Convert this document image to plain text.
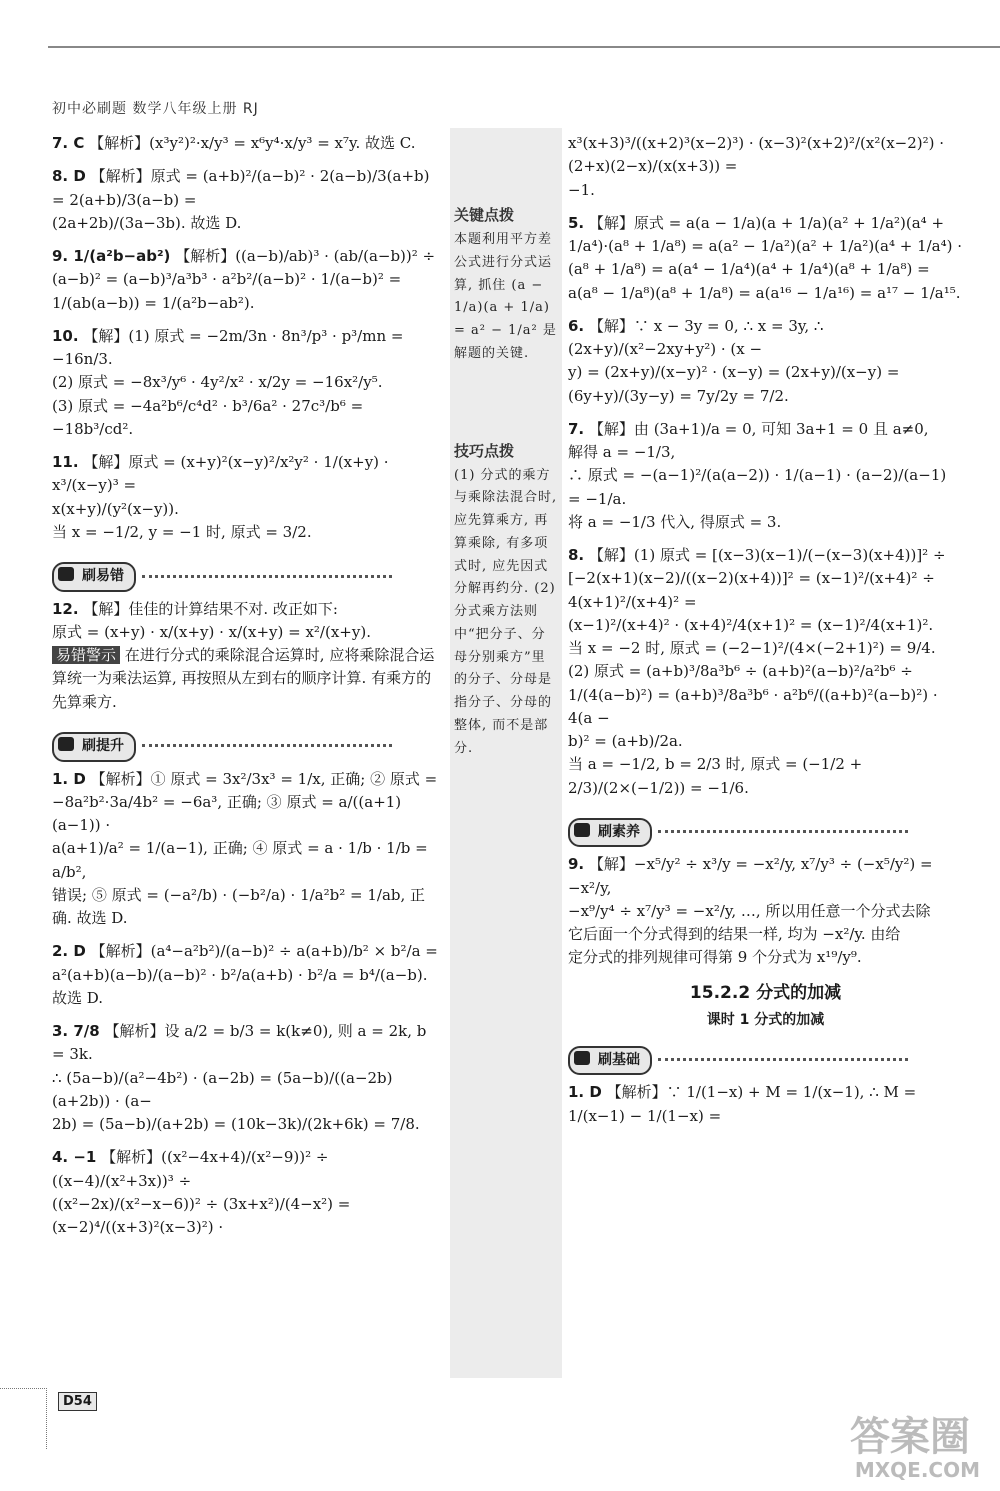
初中必刷题 数学八年级上册 RJ
7. C 【解析】(x³y²)²·x/y³ = x⁶y⁴·x/y³ = x⁷y. 故选 C.
8. D 【解析】原式 = (a+b)²/(a−b)² · 2(a−b)/3(a+b) = 2(a+b)/3(a−b) =
(2a+2b)/(3a−3b). 故选 D.
9. 1/(a²b−ab²) 【解析】((a−b)/ab)³ · (ab/(a−b))² ÷
(a−b)² = (a−b)³/a³b³ · a²b²/(a−b)² · 1/(a−b)² =
1/(ab(a−b)) = 1/(a²b−ab²).
10. 【解】(1) 原式 = −2m/3n · 8n³/p³ · p³/mn = −16n/3.
(2) 原式 = −8x³/y⁶ · 4y²/x² · x/2y = −16x²/y⁵.
(3) 原式 = −4a²b⁶/c⁴d² · b³/6a² · 27c³/b⁶ = −18b³/cd².
11. 【解】原式 = (x+y)²(x−y)²/x²y² · 1/(x+y) · x³/(x−y)³ =
x(x+y)/(y²(x−y)).
当 x = −1/2, y = −1 时, 原式 = 3/2.
刷易错
12. 【解】佳佳的计算结果不对. 改正如下:
原式 = (x+y) · x/(x+y) · x/(x+y) = x²/(x+y).
易错警示 在进行分式的乘除混合运算时, 应将乘除混合运算统一为乘法运算, 再按照从左到右的顺序计算. 有乘方的先算乘方.
刷提升
1. D 【解析】① 原式 = 3x²/3x³ = 1/x, 正确; ② 原式 =
−8a²b²·3a/4b² = −6a³, 正确; ③ 原式 = a/((a+1)(a−1)) ·
a(a+1)/a² = 1/(a−1), 正确; ④ 原式 = a · 1/b · 1/b = a/b²,
错误; ⑤ 原式 = (−a²/b) · (−b²/a) · 1/a²b² = 1/ab, 正
确. 故选 D.
2. D 【解析】(a⁴−a²b²)/(a−b)² ÷ a(a+b)/b² × b²/a =
a²(a+b)(a−b)/(a−b)² · b²/a(a+b) · b²/a = b⁴/(a−b). 故选 D.
3. 7/8 【解析】设 a/2 = b/3 = k(k≠0), 则 a = 2k, b = 3k.
∴ (5a−b)/(a²−4b²) · (a−2b) = (5a−b)/((a−2b)(a+2b)) · (a−
2b) = (5a−b)/(a+2b) = (10k−3k)/(2k+6k) = 7/8.
4. −1 【解析】((x²−4x+4)/(x²−9))² ÷ ((x−4)/(x²+3x))³ ÷
((x²−2x)/(x²−x−6))² ÷ (3x+x²)/(4−x²) = (x−2)⁴/((x+3)²(x−3)²) ·
关键点拨
本题利用平方差公式进行分式运算, 抓住 (a − 1/a)(a + 1/a) = a² − 1/a² 是解题的关键.
技巧点拨
(1) 分式的乘方与乘除法混合时, 应先算乘方, 再算乘除, 有多项式时, 应先因式分解再约分. (2) 分式乘方法则中“把分子、分母分别乘方”里的分子、分母是指分子、分母的整体, 而不是部分.
x³(x+3)³/((x+2)³(x−2)³) · (x−3)²(x+2)²/(x²(x−2)²) · (2+x)(2−x)/(x(x+3)) =
−1.
5. 【解】原式 = a(a − 1/a)(a + 1/a)(a² + 1/a²)(a⁴ +
1/a⁴)·(a⁸ + 1/a⁸) = a(a² − 1/a²)(a² + 1/a²)(a⁴ + 1/a⁴) ·
(a⁸ + 1/a⁸) = a(a⁴ − 1/a⁴)(a⁴ + 1/a⁴)(a⁸ + 1/a⁸) =
a(a⁸ − 1/a⁸)(a⁸ + 1/a⁸) = a(a¹⁶ − 1/a¹⁶) = a¹⁷ − 1/a¹⁵.
6. 【解】∵ x − 3y = 0, ∴ x = 3y, ∴ (2x+y)/(x²−2xy+y²) · (x −
y) = (2x+y)/(x−y)² · (x−y) = (2x+y)/(x−y) = (6y+y)/(3y−y) = 7y/2y = 7/2.
7. 【解】由 (3a+1)/a = 0, 可知 3a+1 = 0 且 a≠0,
解得 a = −1/3,
∴ 原式 = −(a−1)²/(a(a−2)) · 1/(a−1) · (a−2)/(a−1) = −1/a.
将 a = −1/3 代入, 得原式 = 3.
8. 【解】(1) 原式 = [(x−3)(x−1)/(−(x−3)(x+4))]² ÷
[−2(x+1)(x−2)/((x−2)(x+4))]² = (x−1)²/(x+4)² ÷ 4(x+1)²/(x+4)² =
(x−1)²/(x+4)² · (x+4)²/4(x+1)² = (x−1)²/4(x+1)².
当 x = −2 时, 原式 = (−2−1)²/(4×(−2+1)²) = 9/4.
(2) 原式 = (a+b)³/8a³b⁶ ÷ (a+b)²(a−b)²/a²b⁶ ÷
1/(4(a−b)²) = (a+b)³/8a³b⁶ · a²b⁶/((a+b)²(a−b)²) · 4(a −
b)² = (a+b)/2a.
当 a = −1/2, b = 2/3 时, 原式 = (−1/2 + 2/3)/(2×(−1/2)) = −1/6.
刷素养
9. 【解】−x⁵/y² ÷ x³/y = −x²/y, x⁷/y³ ÷ (−x⁵/y²) = −x²/y,
−x⁹/y⁴ ÷ x⁷/y³ = −x²/y, …, 所以用任意一个分式去除
它后面一个分式得到的结果一样, 均为 −x²/y. 由给
定分式的排列规律可得第 9 个分式为 x¹⁹/y⁹.
15.2.2 分式的加减
课时 1 分式的加减
刷基础
1. D 【解析】∵ 1/(1−x) + M = 1/(x−1), ∴ M = 1/(x−1) − 1/(1−x) =
D54
答案圈
MXQE.COM
